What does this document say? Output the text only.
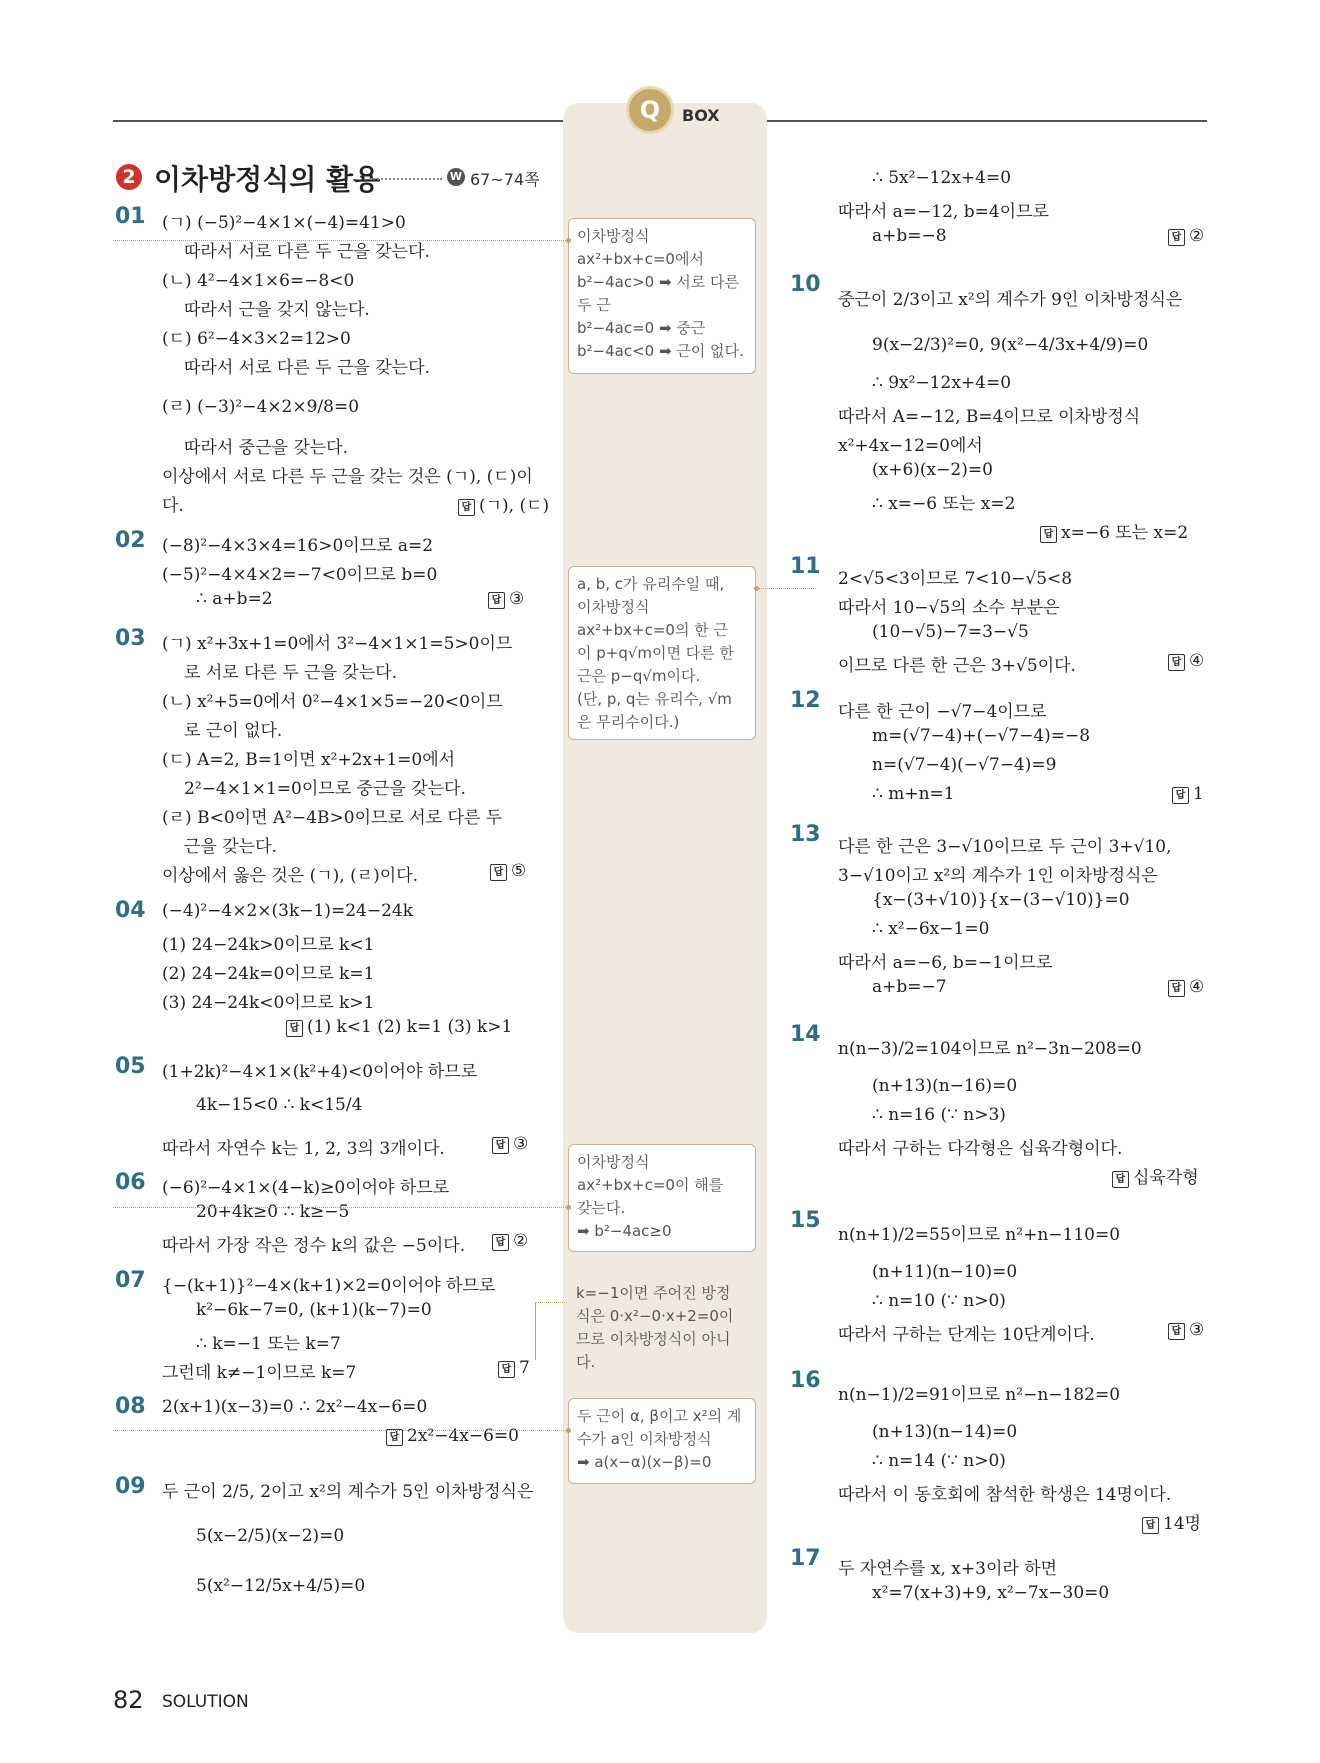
Q	BOX
2 이차방정식의 활용	W 67~74쪽
01 (ㄱ) (−5)²−4×1×(−4)=41>0
따라서 서로 다른 두 근을 갖는다.
(ㄴ) 4²−4×1×6=−8<0
따라서 근을 갖지 않는다.
(ㄷ) 6²−4×3×2=12>0
따라서 서로 다른 두 근을 갖는다.
(ㄹ) (−3)²−4×2×9/8=0
따라서 중근을 갖는다.
이상에서 서로 다른 두 근을 갖는 것은 (ㄱ), (ㄷ)이
다.	답 (ㄱ), (ㄷ)
02 (−8)²−4×3×4=16>0이므로 a=2
(−5)²−4×4×2=−7<0이므로 b=0
∴ a+b=2	답 ③
03 (ㄱ) x²+3x+1=0에서 3²−4×1×1=5>0이므
로 서로 다른 두 근을 갖는다.
(ㄴ) x²+5=0에서 0²−4×1×5=−20<0이므
로 근이 없다.
(ㄷ) A=2, B=1이면 x²+2x+1=0에서
2²−4×1×1=0이므로 중근을 갖는다.
(ㄹ) B<0이면 A²−4B>0이므로 서로 다른 두
근을 갖는다.
이상에서 옳은 것은 (ㄱ), (ㄹ)이다.	답 ⑤
04 (−4)²−4×2×(3k−1)=24−24k
(1) 24−24k>0이므로 k<1
(2) 24−24k=0이므로 k=1
(3) 24−24k<0이므로 k>1
답 (1) k<1 (2) k=1 (3) k>1
05 (1+2k)²−4×1×(k²+4)<0이어야 하므로
4k−15<0 ∴ k<15/4
따라서 자연수 k는 1, 2, 3의 3개이다.	답 ③
06 (−6)²−4×1×(4−k)≥0이어야 하므로
20+4k≥0 ∴ k≥−5
따라서 가장 작은 정수 k의 값은 −5이다.	답 ②
07 {−(k+1)}²−4×(k+1)×2=0이어야 하므로
k²−6k−7=0, (k+1)(k−7)=0
∴ k=−1 또는 k=7
그런데 k≠−1이므로 k=7	답 7
08 2(x+1)(x−3)=0 ∴ 2x²−4x−6=0
답 2x²−4x−6=0
09 두 근이 2/5, 2이고 x²의 계수가 5인 이차방정식은
5(x−2/5)(x−2)=0
5(x²−12/5x+4/5)=0
∴ 5x²−12x+4=0
따라서 a=−12, b=4이므로
a+b=−8	답 ②
10
중근이 2/3이고 x²의 계수가 9인 이차방정식은
9(x−2/3)²=0, 9(x²−4/3x+4/9)=0
∴ 9x²−12x+4=0
따라서 A=−12, B=4이므로 이차방정식
x²+4x−12=0에서
(x+6)(x−2)=0
∴ x=−6 또는 x=2
답 x=−6 또는 x=2
11 2<√5<3이므로 7<10−√5<8
따라서 10−√5의 소수 부분은
(10−√5)−7=3−√5
이므로 다른 한 근은 3+√5이다.	답 ④
12 다른 한 근이 −√7−4이므로
m=(√7−4)+(−√7−4)=−8
n=(√7−4)(−√7−4)=9
∴ m+n=1	답 1
13 다른 한 근은 3−√10이므로 두 근이 3+√10,
3−√10이고 x²의 계수가 1인 이차방정식은
{x−(3+√10)}{x−(3−√10)}=0
∴ x²−6x−1=0
따라서 a=−6, b=−1이므로
a+b=−7	답 ④
14
n(n−3)/2=104이므로 n²−3n−208=0
(n+13)(n−16)=0
∴ n=16 (∵ n>3)
따라서 구하는 다각형은 십육각형이다.
답 십육각형
15
n(n+1)/2=55이므로 n²+n−110=0
(n+11)(n−10)=0
∴ n=10 (∵ n>0)
따라서 구하는 단계는 10단계이다.	답 ③
16
n(n−1)/2=91이므로 n²−n−182=0
(n+13)(n−14)=0
∴ n=14 (∵ n>0)
따라서 이 동호회에 참석한 학생은 14명이다.
답 14명
17 두 자연수를 x, x+3이라 하면
x²=7(x+3)+9, x²−7x−30=0
이차방정식
ax²+bx+c=0에서
b²−4ac>0 ➡ 서로 다른
두 근
b²−4ac=0 ➡ 중근
b²−4ac<0 ➡ 근이 없다.
a, b, c가 유리수일 때,
이차방정식
ax²+bx+c=0의 한 근
이 p+q√m이면 다른 한
근은 p−q√m이다.
(단, p, q는 유리수, √m
은 무리수이다.)
이차방정식
ax²+bx+c=0이 해를
갖는다.
➡ b²−4ac≥0
k=−1이면 주어진 방정
식은 0·x²−0·x+2=0이
므로 이차방정식이 아니
다.
두 근이 α, β이고 x²의 계
수가 a인 이차방정식
➡ a(x−α)(x−β)=0
82 SOLUTION
